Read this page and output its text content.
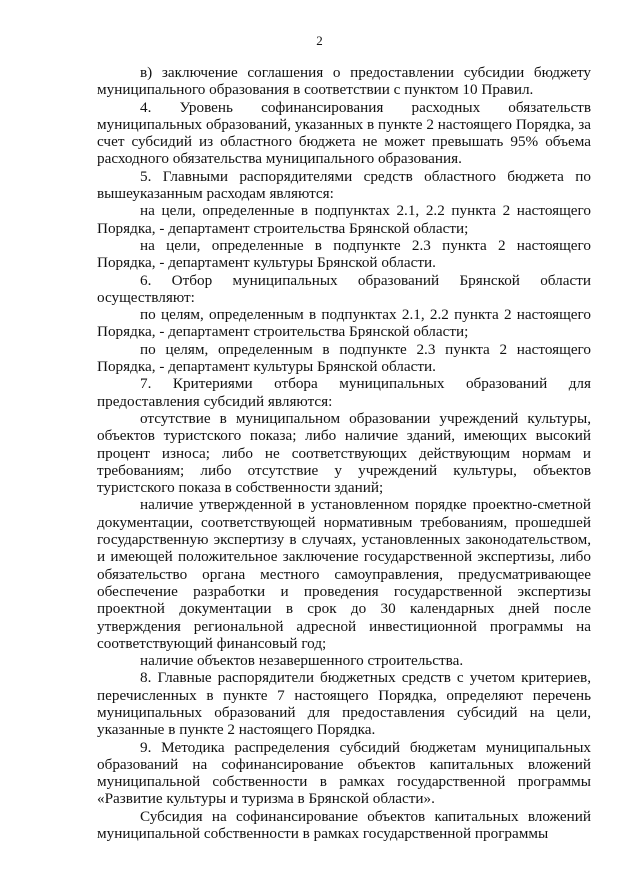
2

в) заключение соглашения о предоставлении субсидии бюджету муниципального образования в соответствии с пунктом 10 Правил.

4. Уровень софинансирования расходных обязательств муниципальных образований, указанных в пункте 2 настоящего Порядка, за счет субсидий из областного бюджета не может превышать 95% объема расходного обязательства муниципального образования.

5. Главными распорядителями средств областного бюджета по вышеуказанным расходам являются:

на цели, определенные в подпунктах 2.1, 2.2 пункта 2 настоящего Порядка, - департамент строительства Брянской области;

на цели, определенные в подпункте 2.3 пункта 2 настоящего Порядка, - департамент культуры Брянской области.

6. Отбор муниципальных образований Брянской области осуществляют:

по целям, определенным в подпунктах 2.1, 2.2 пункта 2 настоящего Порядка, - департамент строительства Брянской области;

по целям, определенным в подпункте 2.3 пункта 2 настоящего Порядка, - департамент культуры Брянской области.

7. Критериями отбора муниципальных образований для предоставления субсидий являются:

отсутствие в муниципальном образовании учреждений культуры, объектов туристского показа; либо наличие зданий, имеющих высокий процент износа; либо не соответствующих действующим нормам и требованиям; либо отсутствие у учреждений культуры, объектов туристского показа в собственности зданий;

наличие утвержденной в установленном порядке проектно-сметной документации, соответствующей нормативным требованиям, прошедшей государственную экспертизу в случаях, установленных законодательством, и имеющей положительное заключение государственной экспертизы, либо обязательство органа местного самоуправления, предусматривающее обеспечение разработки и проведения государственной экспертизы проектной документации в срок до 30 календарных дней после утверждения региональной адресной инвестиционной программы на соответствующий финансовый год;

наличие объектов незавершенного строительства.

8. Главные распорядители бюджетных средств с учетом критериев, перечисленных в пункте 7 настоящего Порядка, определяют перечень муниципальных образований для предоставления субсидий на цели, указанные в пункте 2 настоящего Порядка.

9. Методика распределения субсидий бюджетам муниципальных образований на софинансирование объектов капитальных вложений муниципальной собственности в рамках государственной программы «Развитие культуры и туризма в Брянской области».

Субсидия на софинансирование объектов капитальных вложений муниципальной собственности в рамках государственной программы
